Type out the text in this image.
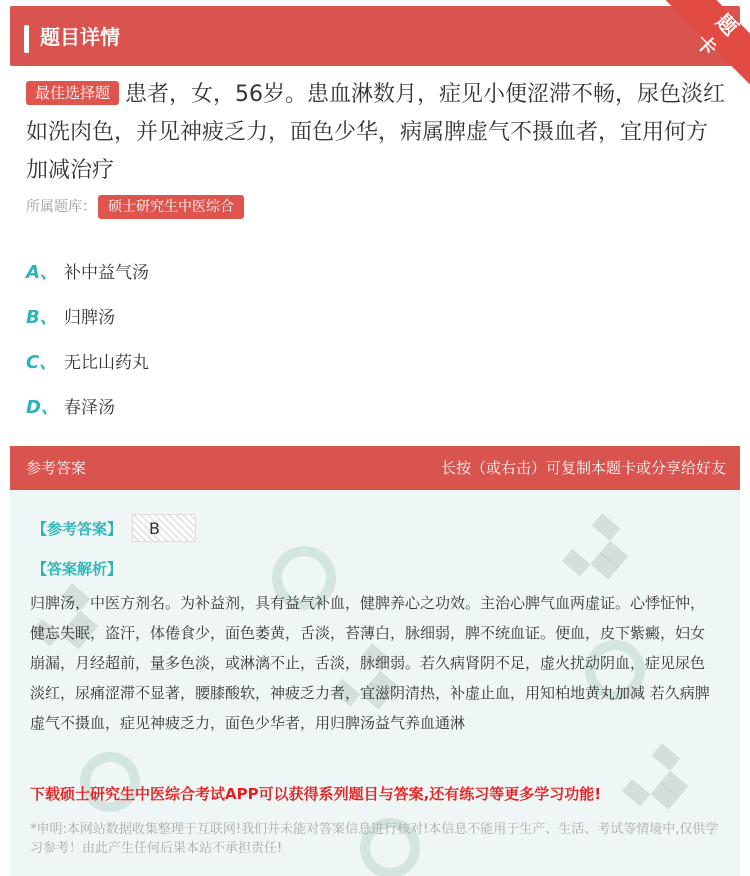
题目详情	题卡
最佳选择题 患者，女，56岁。患血淋数月，症见小便涩滞不畅，尿色淡红如洗肉色，并见神疲乏力，面色少华，病属脾虚气不摄血者，宜用何方加减治疗
所属题库： 硕士研究生中医综合
A、 补中益气汤
B、 归脾汤
C、 无比山药丸
D、 春泽汤
参考答案	长按（或右击）可复制本题卡或分享给好友
▚▞
▚▞
▚▞
▚▞
【参考答案】	B
【答案解析】
归脾汤，中医方剂名。为补益剂，具有益气补血，健脾养心之功效。主治心脾气血两虚证。心悸怔忡，健忘失眠，盗汗，体倦食少，面色萎黄，舌淡，苔薄白，脉细弱，脾不统血证。便血，皮下紫癜，妇女崩漏，月经超前，量多色淡，或淋漓不止，舌淡，脉细弱。若久病肾阴不足，虚火扰动阴血，症见尿色淡红，尿痛涩滞不显著，腰膝酸软，神疲乏力者，宜滋阴清热，补虚止血，用知柏地黄丸加减 若久病脾虚气不摄血，症见神疲乏力，面色少华者，用归脾汤益气养血通淋
下载硕士研究生中医综合考试APP可以获得系列题目与答案,还有练习等更多学习功能!
*申明:本网站数据收集整理于互联网!我们并未能对答案信息进行核对!本信息不能用于生产、生活、考试等情境中,仅供学习参考！由此产生任何后果本站不承担责任!
